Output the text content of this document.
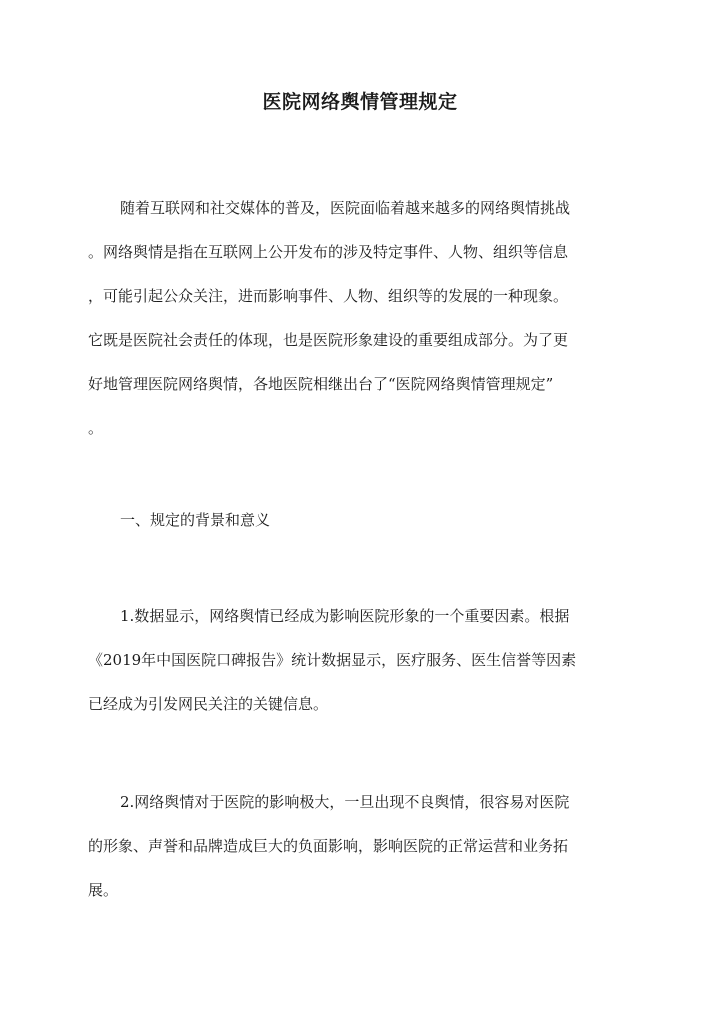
医院网络舆情管理规定
随着互联网和社交媒体的普及，医院面临着越来越多的网络舆情挑战
。网络舆情是指在互联网上公开发布的涉及特定事件、人物、组织等信息
，可能引起公众关注，进而影响事件、人物、组织等的发展的一种现象。
它既是医院社会责任的体现，也是医院形象建设的重要组成部分。为了更
好地管理医院网络舆情，各地医院相继出台了“医院网络舆情管理规定”
。
一、规定的背景和意义
1.数据显示，网络舆情已经成为影响医院形象的一个重要因素。根据
《2019年中国医院口碑报告》统计数据显示，医疗服务、医生信誉等因素
已经成为引发网民关注的关键信息。
2.网络舆情对于医院的影响极大，一旦出现不良舆情，很容易对医院
的形象、声誉和品牌造成巨大的负面影响，影响医院的正常运营和业务拓
展。
